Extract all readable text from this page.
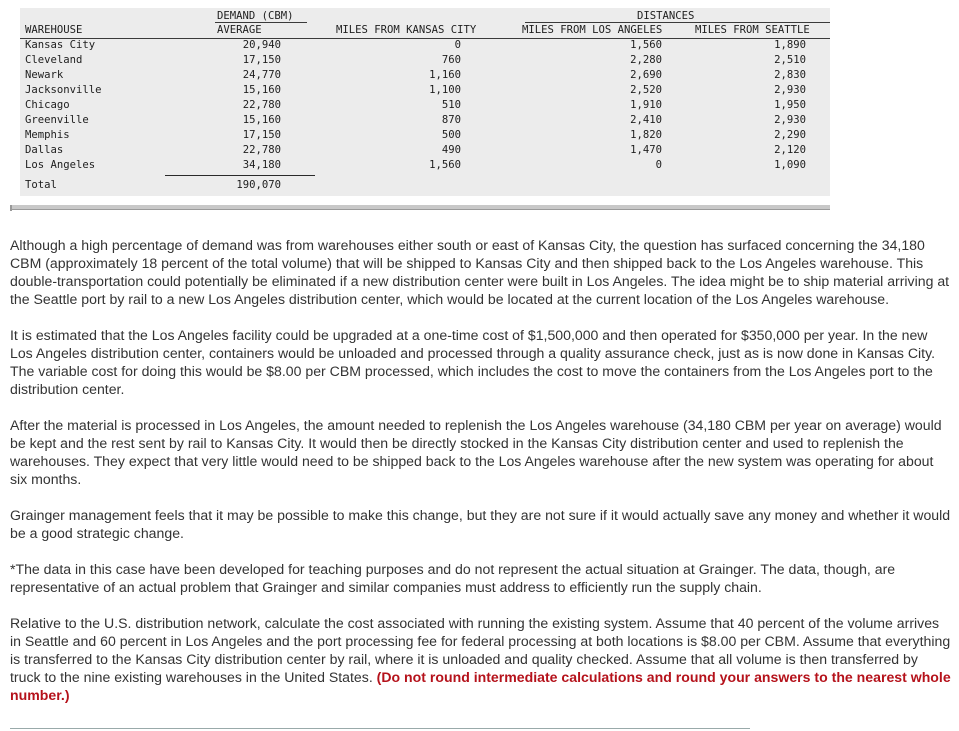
DEMAND (CBM)	DISTANCES
WAREHOUSE	AVERAGE	MILES FROM KANSAS CITY	MILES FROM LOS ANGELES	MILES FROM SEATTLE
Kansas City	20,940	0	1,560	1,890
Cleveland	17,150	760	2,280	2,510
Newark	24,770	1,160	2,690	2,830
Jacksonville	15,160	1,100	2,520	2,930
Chicago	22,780	510	1,910	1,950
Greenville	15,160	870	2,410	2,930
Memphis	17,150	500	1,820	2,290
Dallas	22,780	490	1,470	2,120
Los Angeles	34,180	1,560	0	1,090
Total	190,070

Although a high percentage of demand was from warehouses either south or east of Kansas City, the question has surfaced concerning the 34,180 CBM (approximately 18 percent of the total volume) that will be shipped to Kansas City and then shipped back to the Los Angeles warehouse. This double-transportation could potentially be eliminated if a new distribution center were built in Los Angeles. The idea might be to ship material arriving at the Seattle port by rail to a new Los Angeles distribution center, which would be located at the current location of the Los Angeles warehouse.

It is estimated that the Los Angeles facility could be upgraded at a one-time cost of $1,500,000 and then operated for $350,000 per year. In the new Los Angeles distribution center, containers would be unloaded and processed through a quality assurance check, just as is now done in Kansas City. The variable cost for doing this would be $8.00 per CBM processed, which includes the cost to move the containers from the Los Angeles port to the distribution center.

After the material is processed in Los Angeles, the amount needed to replenish the Los Angeles warehouse (34,180 CBM per year on average) would be kept and the rest sent by rail to Kansas City. It would then be directly stocked in the Kansas City distribution center and used to replenish the warehouses. They expect that very little would need to be shipped back to the Los Angeles warehouse after the new system was operating for about six months.

Grainger management feels that it may be possible to make this change, but they are not sure if it would actually save any money and whether it would be a good strategic change.

*The data in this case have been developed for teaching purposes and do not represent the actual situation at Grainger. The data, though, are representative of an actual problem that Grainger and similar companies must address to efficiently run the supply chain.

Relative to the U.S. distribution network, calculate the cost associated with running the existing system. Assume that 40 percent of the volume arrives in Seattle and 60 percent in Los Angeles and the port processing fee for federal processing at both locations is $8.00 per CBM. Assume that everything is transferred to the Kansas City distribution center by rail, where it is unloaded and quality checked. Assume that all volume is then transferred by truck to the nine existing warehouses in the United States. (Do not round intermediate calculations and round your answers to the nearest whole number.)
